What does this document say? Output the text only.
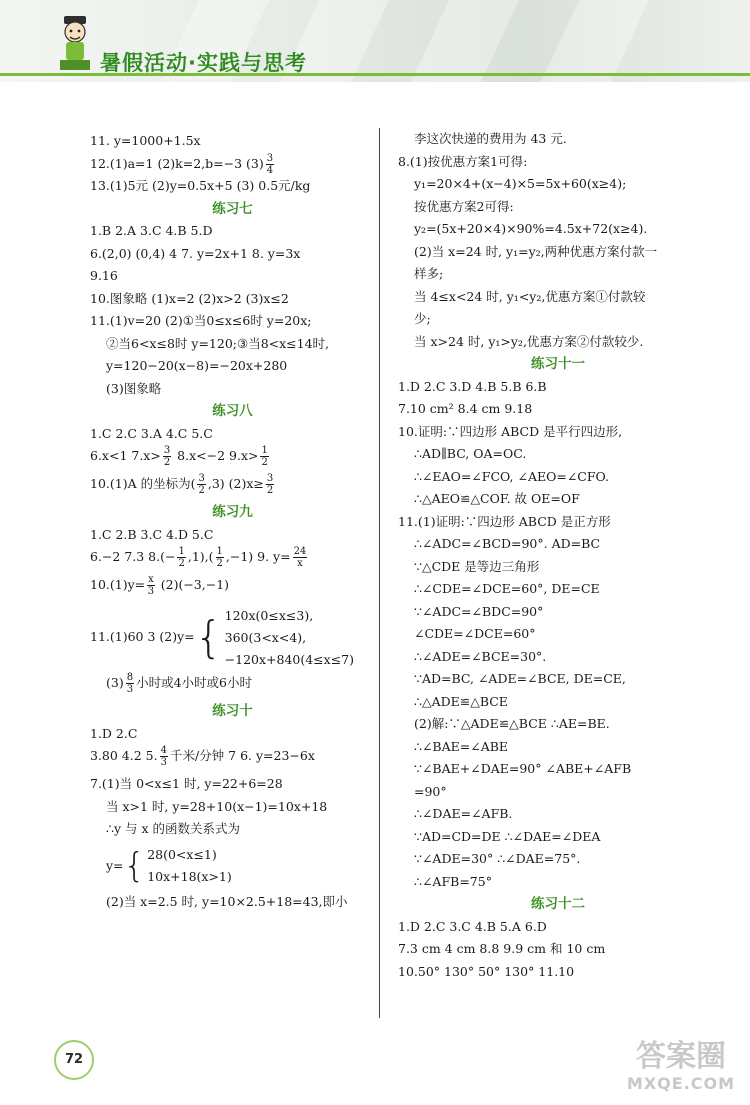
暑假活动·实践与思考
11. y=1000+1.5x
12.(1)a=1 (2)k=2,b=−3 $(3) \frac{3}{4}$
13.(1)5元 (2)y=0.5x+5 (3) 0.5元/kg
练习七
1.B 2.A 3.C 4.B 5.D
6.(2,0) (0,4) 4 7. y=2x+1 8. y=3x
9.16
10.图象略 (1)x=2 (2)x>2 (3)x≤2
11.(1)v=20 (2)①当0≤x≤6时 y=20x;
②当6<x≤8时 y=120;③当8<x≤14时,
y=120−20(x−8)=−20x+280
(3)图象略
练习八
1.C 2.C 3.A 4.C 5.C
6.x<1 $7.x> \frac{3}{2} 8.x<-2$ $9.x> \frac{1}{2}$
10.(1)A 的坐标为( $\frac{3}{2} ,3$) $(2)x\ge \frac{3}{2}$
练习九
1.C 2.B 3.C 4.D 5.C
6.−2 7.3 $8.(- \frac{1}{2} ,1),( \frac{1}{2} ,-1)$ 9. $y= \frac{24}{x}$
$10.(1)y= \frac{x}{3} (2)(-3,-1)$
11.(1)60 3 (2)y={ 120x(0≤x≤3),
360(3<x<4),
−120x+840(4≤x≤7)
$(3) \frac{8}{3}$ 小时或4小时或6小时
练习十
1.D 2.C
3.80 4.2 5. $\frac{4}{3}$ 千米/分钟 7 6. y=23−6x
7.(1)当 0<x≤1 时, y=22+6=28
当 x>1 时, y=28+10(x−1)=10x+18
∴y 与 x 的函数关系式为
y={ 28(0<x≤1)
10x+18(x>1)
(2)当 x=2.5 时, y=10×2.5+18=43,即小
李这次快递的费用为 43 元.
8.(1)按优惠方案1可得:
y₁=20×4+(x−4)×5=5x+60(x≥4);
按优惠方案2可得:
y₂=(5x+20×4)×90%=4.5x+72(x≥4).
(2)当 x=24 时, y₁=y₂,两种优惠方案付款一
样多;
当 4≤x<24 时, y₁<y₂,优惠方案①付款较
少;
当 x>24 时, y₁>y₂,优惠方案②付款较少.
练习十一
1.D 2.C 3.D 4.B 5.B 6.B
7.10 cm² 8.4 cm 9.18
10.证明:∵四边形 ABCD 是平行四边形,
∴AD∥BC, OA=OC.
∴∠EAO=∠FCO, ∠AEO=∠CFO.
∴△AEO≌△COF. 故 OE=OF
11.(1)证明:∵四边形 ABCD 是正方形
∴∠ADC=∠BCD=90°. AD=BC
∵△CDE 是等边三角形
∴∠CDE=∠DCE=60°, DE=CE
∵∠ADC=∠BDC=90°
∠CDE=∠DCE=60°
∴∠ADE=∠BCE=30°.
∵AD=BC, ∠ADE=∠BCE, DE=CE,
∴△ADE≌△BCE
(2)解:∵△ADE≌△BCE ∴AE=BE.
∴∠BAE=∠ABE
∵∠BAE+∠DAE=90° ∠ABE+∠AFB
=90°
∴∠DAE=∠AFB.
∵AD=CD=DE ∴∠DAE=∠DEA
∵∠ADE=30° ∴∠DAE=75°.
∴∠AFB=75°
练习十二
1.D 2.C 3.C 4.B 5.A 6.D
7.3 cm 4 cm 8.8 9.9 cm 和 10 cm
10.50° 130° 50° 130° 11.10
72	答案圈
MXQE.COM
